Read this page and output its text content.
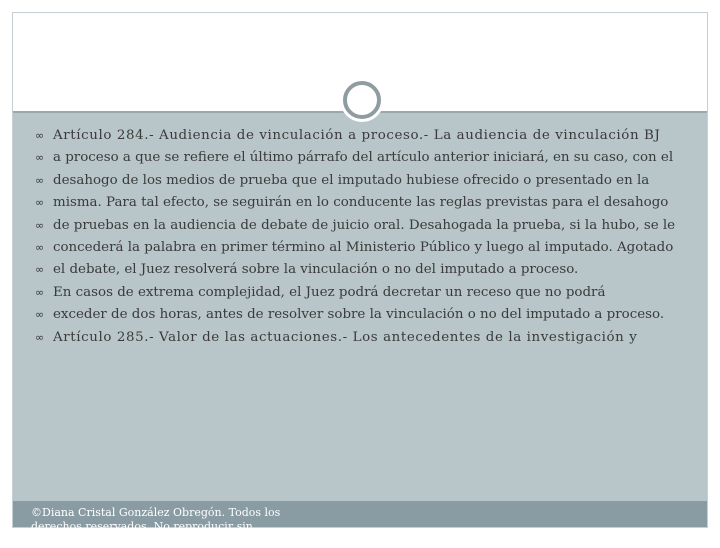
∞ Artículo 284.- Audiencia de vinculación a proceso.- La audiencia de vinculación BJ
∞ a proceso a que se refiere el último párrafo del artículo anterior iniciará, en su caso, con el
∞ desahogo de los medios de prueba que el imputado hubiese ofrecido o presentado en la
∞ misma. Para tal efecto, se seguirán en lo conducente las reglas previstas para el desahogo
∞ de pruebas en la audiencia de debate de juicio oral. Desahogada la prueba, si la hubo, se le
∞ concederá la palabra en primer término al Ministerio Público y luego al imputado. Agotado
∞ el debate, el Juez resolverá sobre la vinculación o no del imputado a proceso.
∞ En casos de extrema complejidad, el Juez podrá decretar un receso que no podrá
∞ exceder de dos horas, antes de resolver sobre la vinculación o no del imputado a proceso.
∞ Artículo 285.- Valor de las actuaciones.- Los antecedentes de la investigación y
©Diana Cristal González Obregón. Todos los derechos reservados. No reproducir sin permiso
